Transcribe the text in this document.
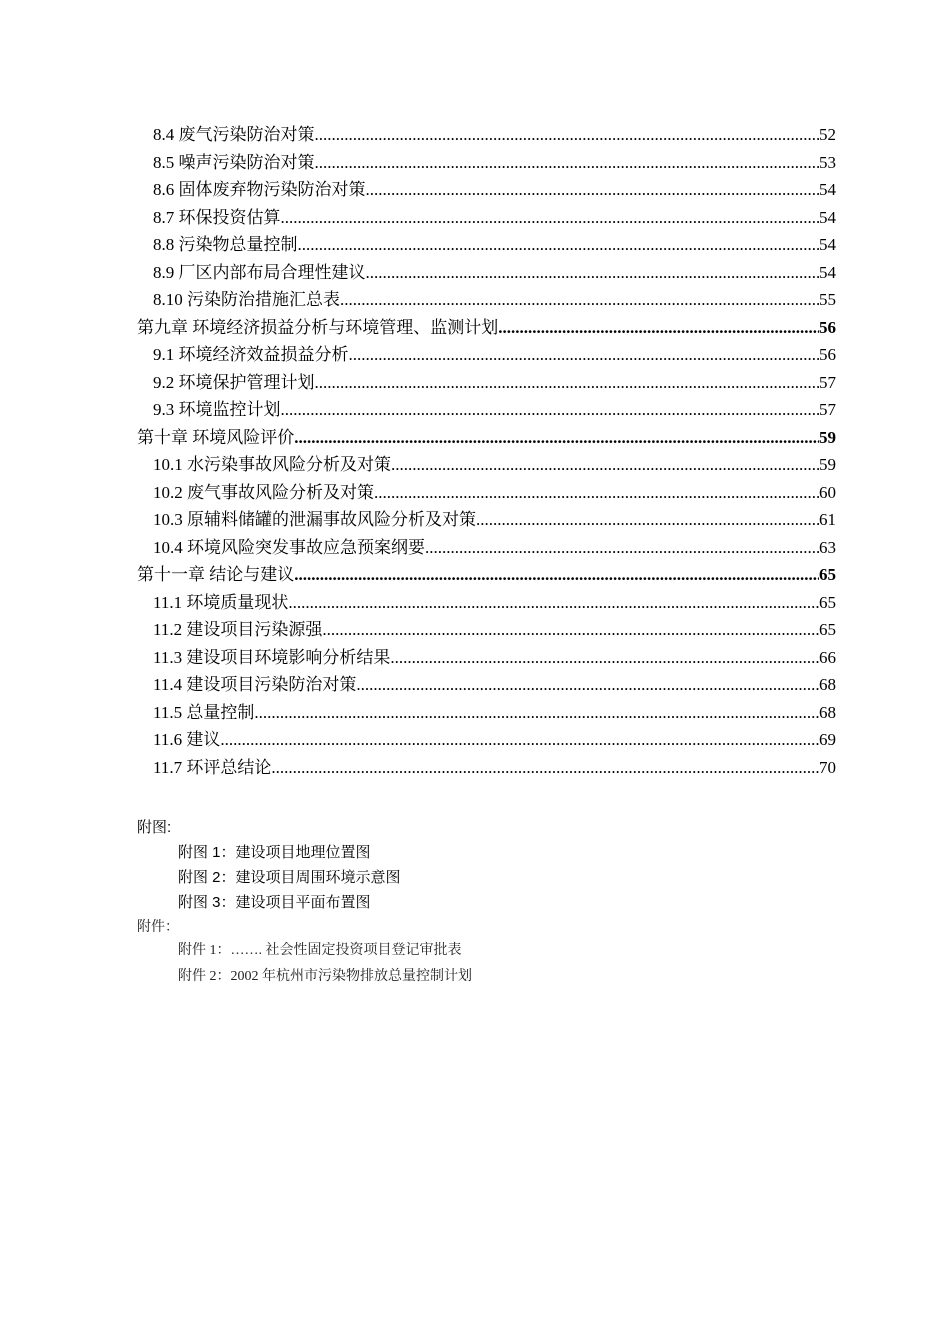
8.4 废气污染防治对策 .....	52
8.5 噪声污染防治对策 .....	53
8.6 固体废弃物污染防治对策 .....	54
8.7 环保投资估算 .....	54
8.8 污染物总量控制 .....	54
8.9 厂区内部布局合理性建议 .....	54
8.10 污染防治措施汇总表 .....	55
第九章 环境经济损益分析与环境管理、监测计划 .....	56
9.1 环境经济效益损益分析 .....	56
9.2 环境保护管理计划 .....	57
9.3 环境监控计划 .....	57
第十章 环境风险评价 .....	59
10.1 水污染事故风险分析及对策 .....	59
10.2 废气事故风险分析及对策 .....	60
10.3 原辅料储罐的泄漏事故风险分析及对策 .....	61
10.4 环境风险突发事故应急预案纲要 .....	63
第十一章 结论与建议 .....	65
11.1 环境质量现状 .....	65
11.2 建设项目污染源强 .....	65
11.3 建设项目环境影响分析结果 .....	66
11.4 建设项目污染防治对策 .....	68
11.5 总量控制 .....	68
11.6 建议 .....	69
11.7 环评总结论 .....	70
附图:
附图 1：建设项目地理位置图
附图 2：建设项目周围环境示意图
附图 3：建设项目平面布置图
附件：
附件 1：……. 社会性固定投资项目登记审批表
附件 2：2002 年杭州市污染物排放总量控制计划
